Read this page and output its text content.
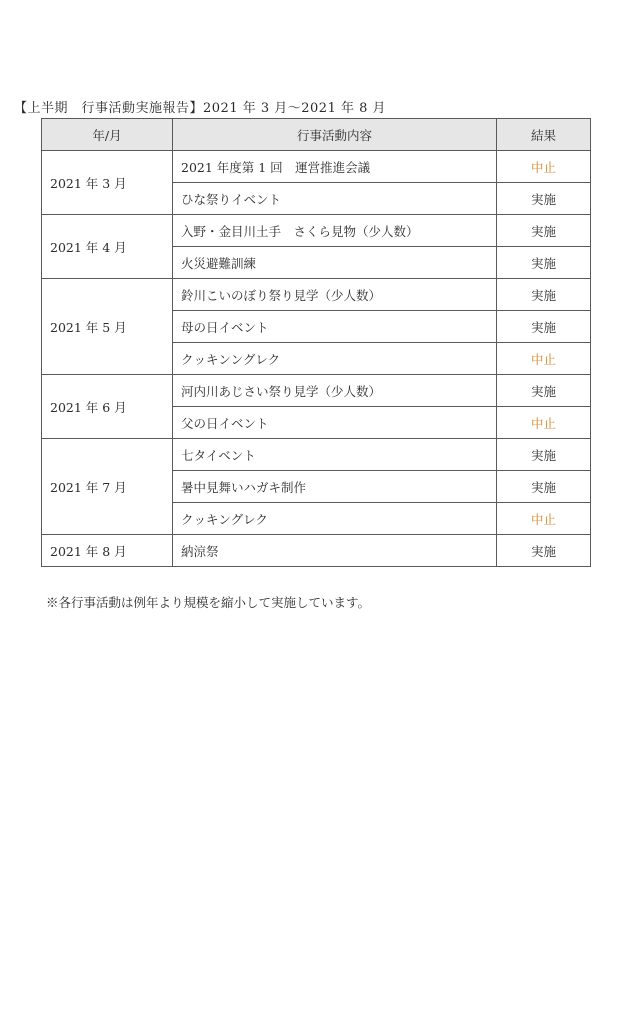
【上半期　行事活動実施報告】2021 年 3 月～2021 年 8 月
年/月	行事活動内容	結果
2021 年 3 月	2021 年度第 1 回　運営推進会議	中止
	ひな祭りイベント	実施
2021 年 4 月	入野・金目川土手　さくら見物（少人数）	実施
	火災避難訓練	実施
2021 年 5 月	鈴川こいのぼり祭り見学（少人数）	実施
	母の日イベント	実施
	クッキンングレク	中止
2021 年 6 月	河内川あじさい祭り見学（少人数）	実施
	父の日イベント	中止
2021 年 7 月	七タイベント	実施
	暑中見舞いハガキ制作	実施
	クッキングレク	中止
2021 年 8 月	納涼祭	実施
※各行事活動は例年より規模を縮小して実施しています。
